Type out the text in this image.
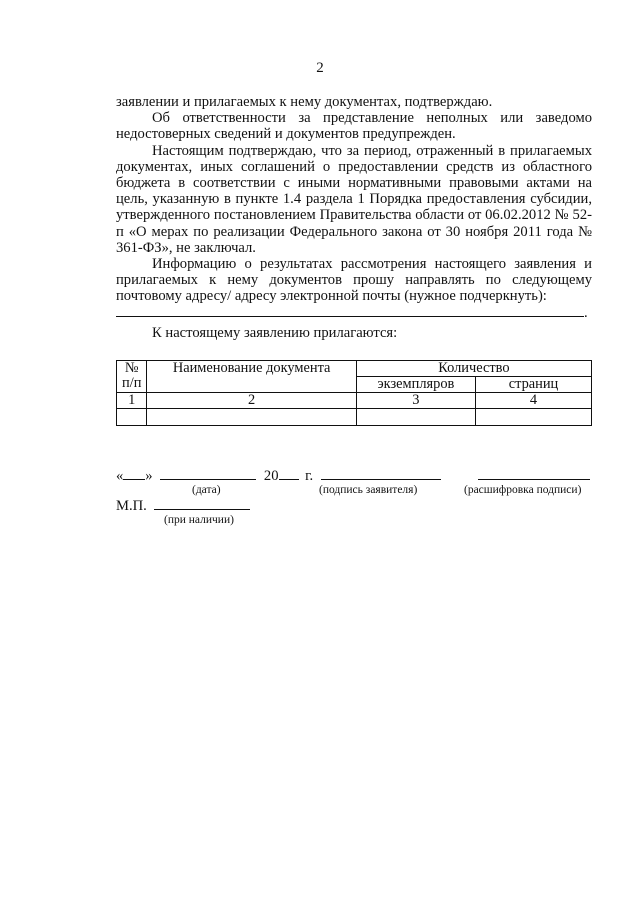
2

заявлении и прилагаемых к нему документах, подтверждаю.

Об ответственности за представление неполных или заведомо недостоверных сведений и документов предупрежден.

Настоящим подтверждаю, что за период, отраженный в прилагаемых документах, иных соглашений о предоставлении средств из областного бюджета в соответствии с иными нормативными правовыми актами на цель, указанную в пункте 1.4 раздела 1 Порядка предоставления субсидии, утвержденного постановлением Правительства области от 06.02.2012 № 52-п «О мерах по реализации Федерального закона от 30 ноября 2011 года № 361-ФЗ», не заключал.

Информацию о результатах рассмотрения настоящего заявления и прилагаемых к нему документов прошу направлять по следующему почтовому адресу/ адресу электронной почты (нужное подчеркнуть):

.

К настоящему заявлению прилагаются:

№ п/п	Наименование документа	Количество	
		экземпляров	страниц
1	2	3	4

« »	20 г.
(дата)	(подпись заявителя)	(расшифровка подписи)
М.П.
(при наличии)
